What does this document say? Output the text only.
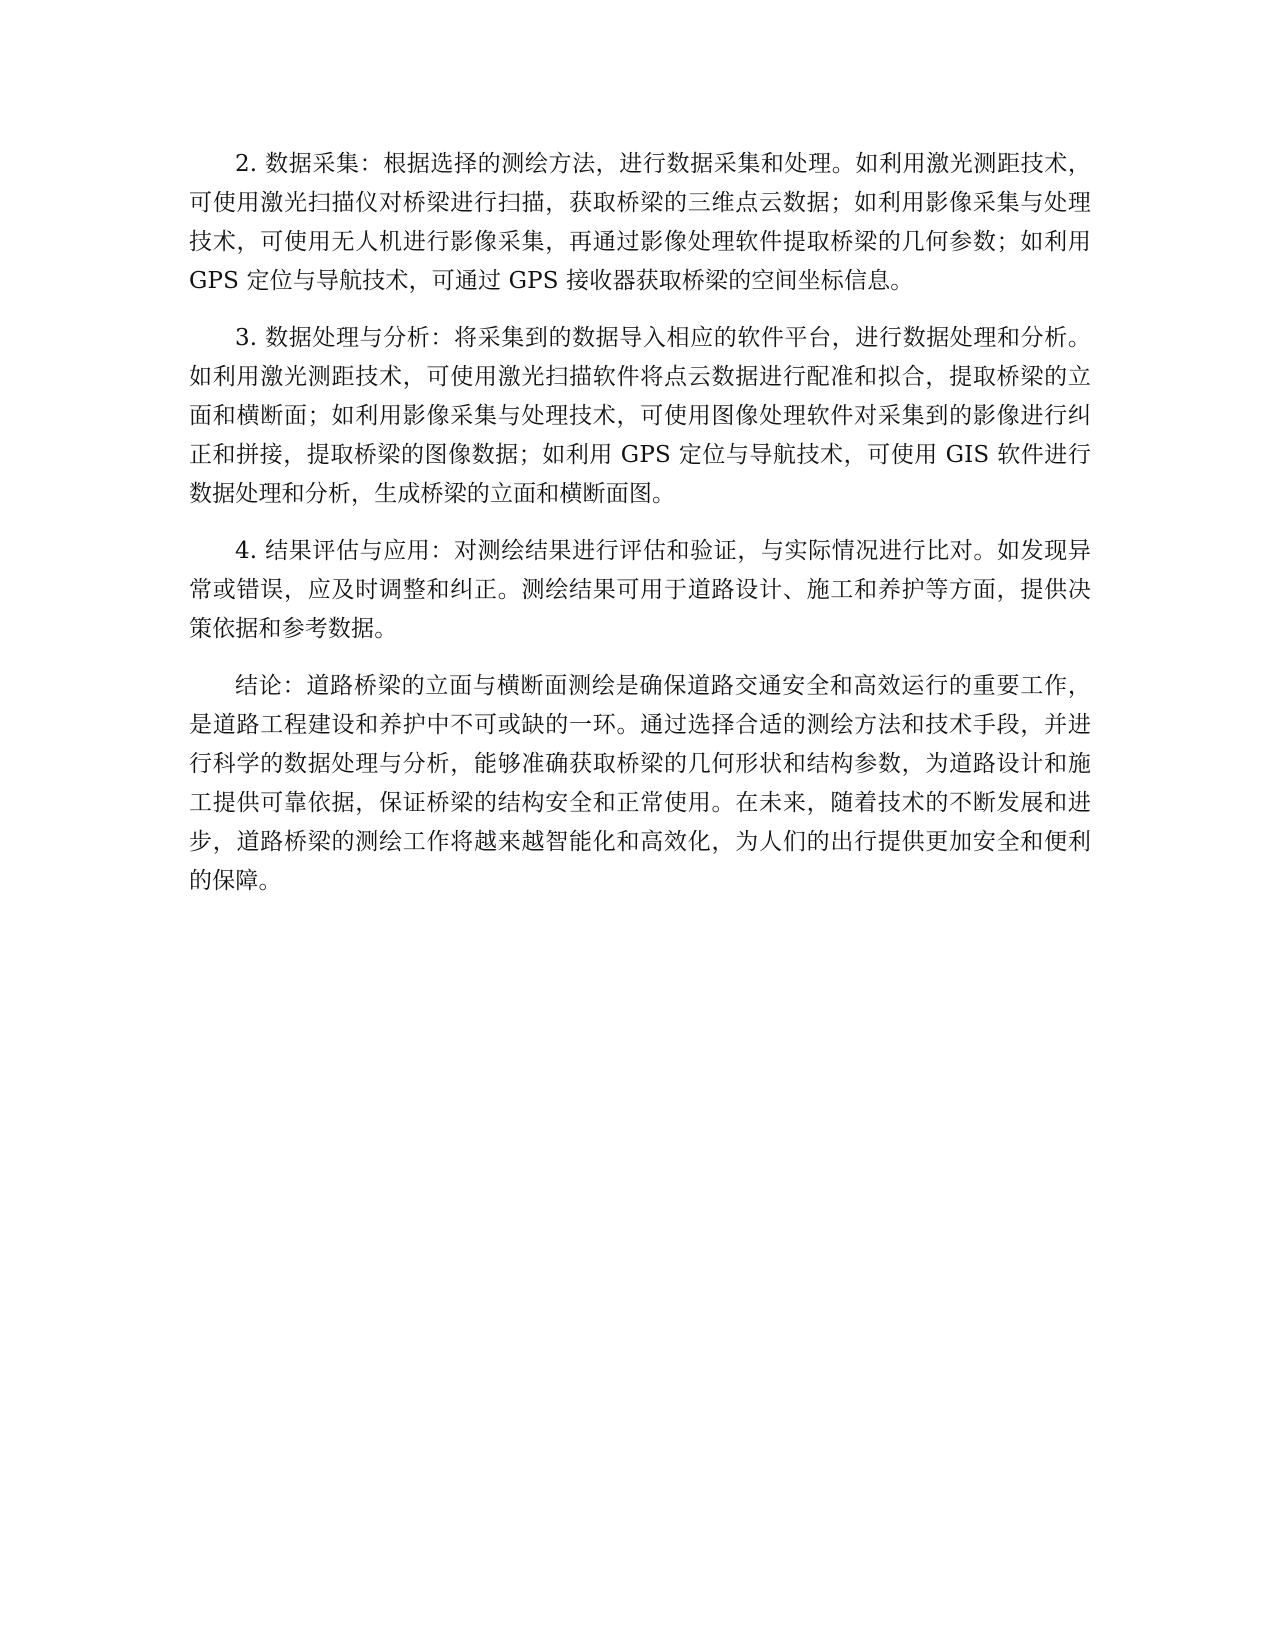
2. 数据采集：根据选择的测绘方法，进行数据采集和处理。如利用激光测距技术，可使用激光扫描仪对桥梁进行扫描，获取桥梁的三维点云数据；如利用影像采集与处理技术，可使用无人机进行影像采集，再通过影像处理软件提取桥梁的几何参数；如利用 GPS 定位与导航技术，可通过 GPS 接收器获取桥梁的空间坐标信息。

3. 数据处理与分析：将采集到的数据导入相应的软件平台，进行数据处理和分析。如利用激光测距技术，可使用激光扫描软件将点云数据进行配准和拟合，提取桥梁的立面和横断面；如利用影像采集与处理技术，可使用图像处理软件对采集到的影像进行纠正和拼接，提取桥梁的图像数据；如利用 GPS 定位与导航技术，可使用 GIS 软件进行数据处理和分析，生成桥梁的立面和横断面图。

4. 结果评估与应用：对测绘结果进行评估和验证，与实际情况进行比对。如发现异常或错误，应及时调整和纠正。测绘结果可用于道路设计、施工和养护等方面，提供决策依据和参考数据。

结论：道路桥梁的立面与横断面测绘是确保道路交通安全和高效运行的重要工作，是道路工程建设和养护中不可或缺的一环。通过选择合适的测绘方法和技术手段，并进行科学的数据处理与分析，能够准确获取桥梁的几何形状和结构参数，为道路设计和施工提供可靠依据，保证桥梁的结构安全和正常使用。在未来，随着技术的不断发展和进步，道路桥梁的测绘工作将越来越智能化和高效化，为人们的出行提供更加安全和便利的保障。
